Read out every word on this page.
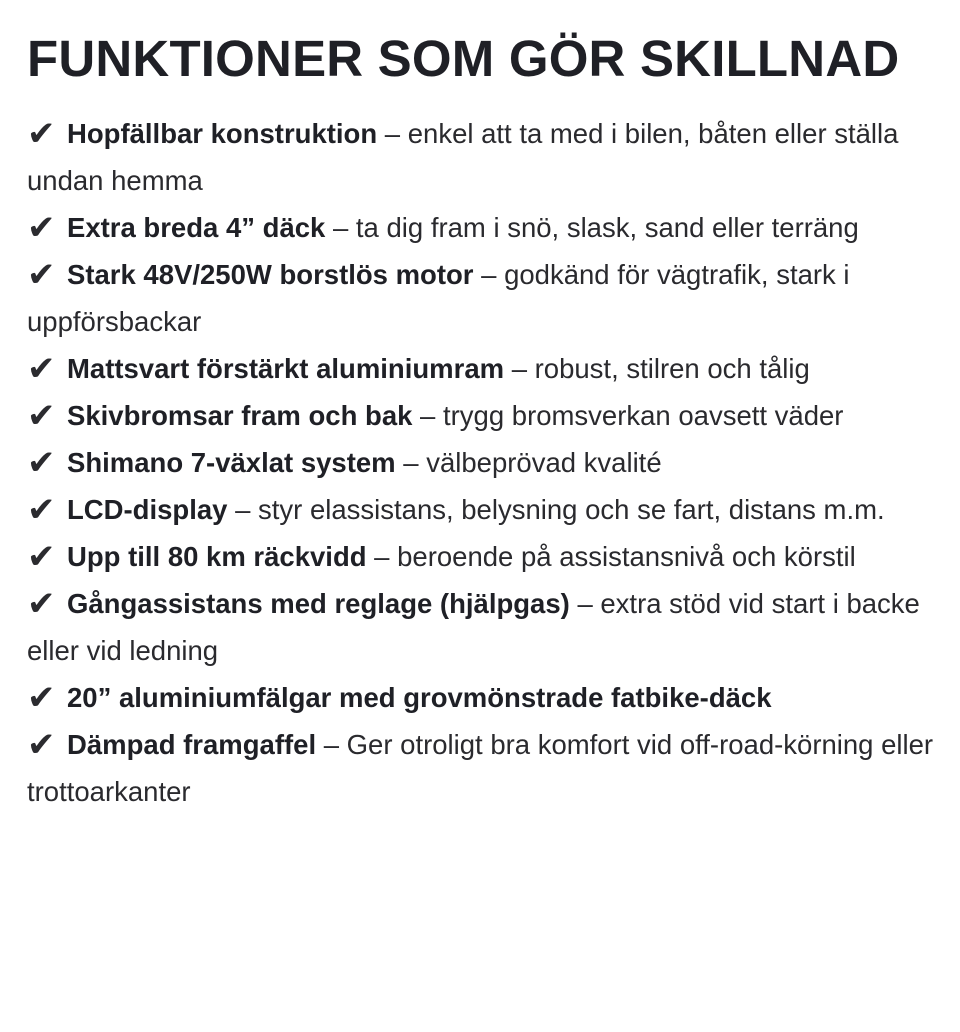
FUNKTIONER SOM GÖR SKILLNAD
✔ Hopfällbar konstruktion – enkel att ta med i bilen, båten eller ställa undan hemma
✔ Extra breda 4” däck – ta dig fram i snö, slask, sand eller terräng
✔ Stark 48V/250W borstlös motor – godkänd för vägtrafik, stark i uppförsbackar
✔ Mattsvart förstärkt aluminiumram – robust, stilren och tålig
✔ Skivbromsar fram och bak – trygg bromsverkan oavsett väder
✔ Shimano 7-växlat system – välbeprövad kvalité
✔ LCD-display – styr elassistans, belysning och se fart, distans m.m.
✔ Upp till 80 km räckvidd – beroende på assistansnivå och körstil
✔ Gångassistans med reglage (hjälpgas) – extra stöd vid start i backe eller vid ledning
✔ 20” aluminiumfälgar med grovmönstrade fatbike-däck
✔ Dämpad framgaffel – Ger otroligt bra komfort vid off-road-körning eller trottoarkanter
